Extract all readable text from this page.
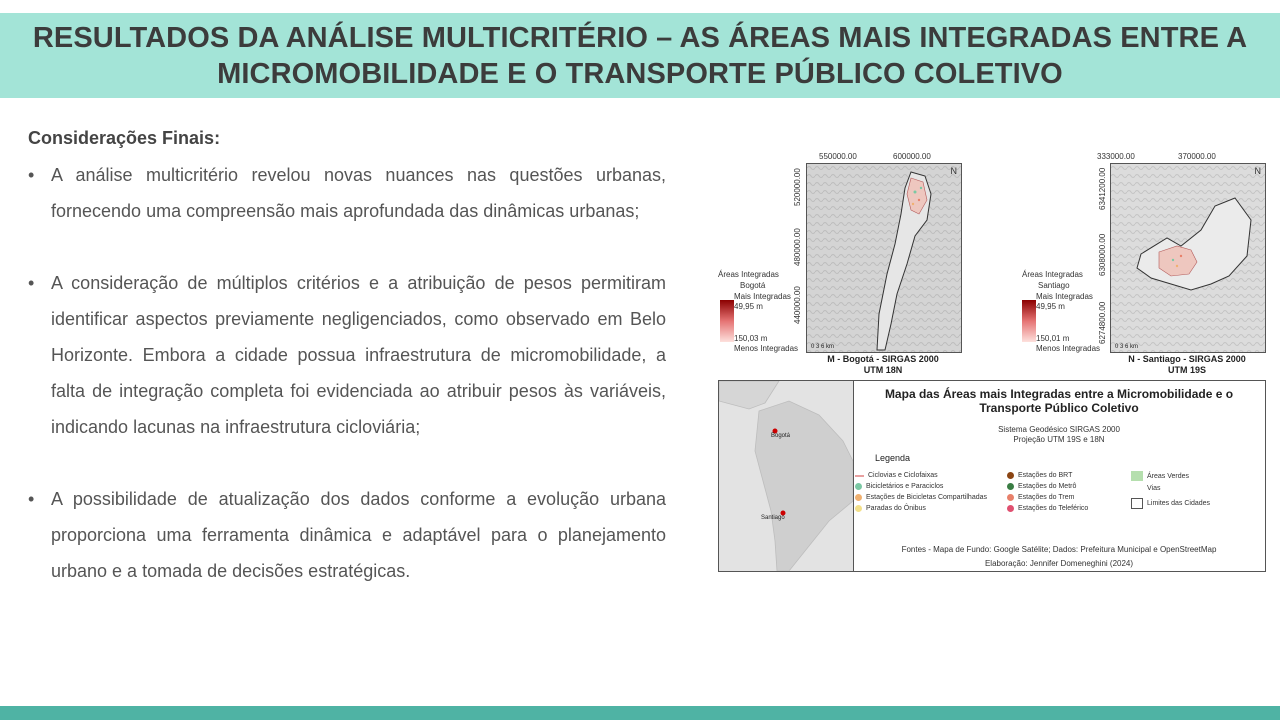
RESULTADOS DA ANÁLISE MULTICRITÉRIO – AS ÁREAS MAIS INTEGRADAS ENTRE A
MICROMOBILIDADE E O TRANSPORTE PÚBLICO COLETIVO
Considerações Finais:
• A análise multicritério revelou novas nuances nas questões urbanas, fornecendo uma compreensão mais aprofundada das dinâmicas urbanas;
• A consideração de múltiplos critérios e a atribuição de pesos permitiram identificar aspectos previamente negligenciados, como observado em Belo Horizonte. Embora a cidade possua infraestrutura de micromobilidade, a falta de integração completa foi evidenciada ao atribuir pesos às variáveis, indicando lacunas na infraestrutura cicloviária;
• A possibilidade de atualização dos dados conforme a evolução urbana proporciona uma ferramenta dinâmica e adaptável para o planejamento urbano e a tomada de decisões estratégicas.
550000.00	600000.00
520000.00
480000.00
440000.00
N
0 3 6 km
Áreas Integradas
Bogotá
Mais Integradas
49,95 m
150,03 m
Menos Integradas
M - Bogotá - SIRGAS 2000
UTM 18N
333000.00	370000.00
6341200.00
6308000.00
6274800.00
N
0 3 6 km
Áreas Integradas
Santiago
Mais Integradas
49,95 m
150,01 m
Menos Integradas
N - Santiago - SIRGAS 2000
UTM 19S
Bogotá
Santiago
Mapa das Áreas mais Integradas entre a Micromobilidade e o
Transporte Público Coletivo
Sistema Geodésico SIRGAS 2000
Projeção UTM 19S e 18N
Legenda
Fontes - Mapa de Fundo: Google Satélite; Dados: Prefeitura Municipal e OpenStreetMap
Elaboração: Jennifer Domeneghini (2024)
Ciclovias e Ciclofaixas
Bicicletários e Paraciclos
Estações de Bicicletas Compartilhadas
Paradas do Ônibus
Estações do BRT
Estações do Metrô
Estações do Trem
Estações do Teleférico
Áreas Verdes
Vias
Limites das Cidades
